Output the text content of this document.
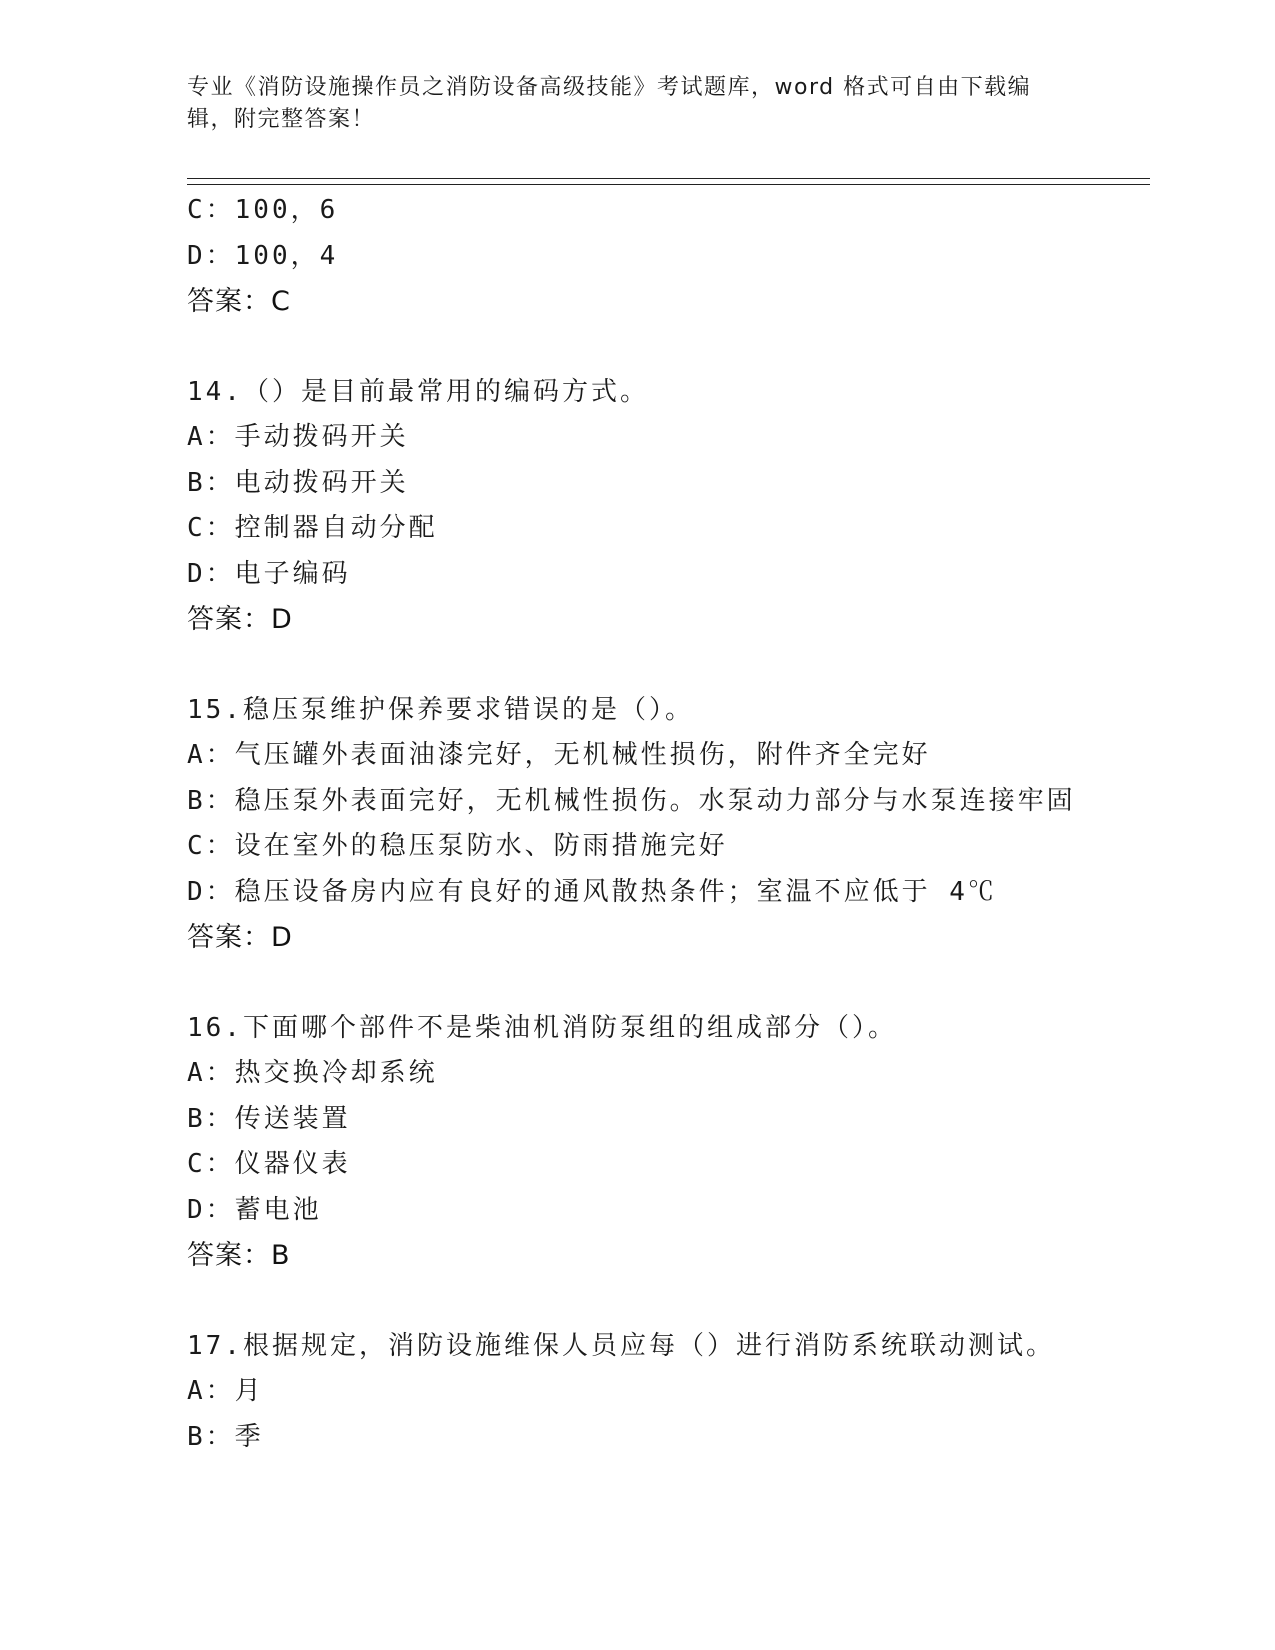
专业《消防设施操作员之消防设备高级技能》考试题库，word 格式可自由下载编
辑，附完整答案！
C：100，6
D：100，4
答案：C
14.（）是目前最常用的编码方式。
A：手动拨码开关
B：电动拨码开关
C：控制器自动分配
D：电子编码
答案：D
15.稳压泵维护保养要求错误的是（）。
A：气压罐外表面油漆完好，无机械性损伤，附件齐全完好
B：稳压泵外表面完好，无机械性损伤。水泵动力部分与水泵连接牢固
C：设在室外的稳压泵防水、防雨措施完好
D：稳压设备房内应有良好的通风散热条件；室温不应低于 4℃
答案：D
16.下面哪个部件不是柴油机消防泵组的组成部分（）。
A：热交换冷却系统
B：传送装置
C：仪器仪表
D：蓄电池
答案：B
17.根据规定，消防设施维保人员应每（）进行消防系统联动测试。
A：月
B：季
